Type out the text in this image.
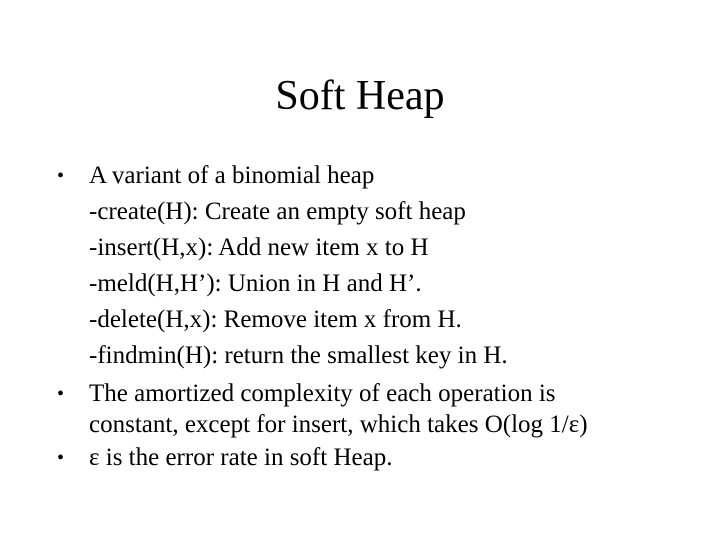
Soft Heap
• A variant of a binomial heap
-create(H): Create an empty soft heap
-insert(H,x): Add new item x to H
-meld(H,H’): Union in H and H’.
-delete(H,x): Remove item x from H.
-findmin(H): return the smallest key in H.
• The amortized complexity of each operation is
constant, except for insert, which takes O(log 1/ε)
• ε is the error rate in soft Heap.
